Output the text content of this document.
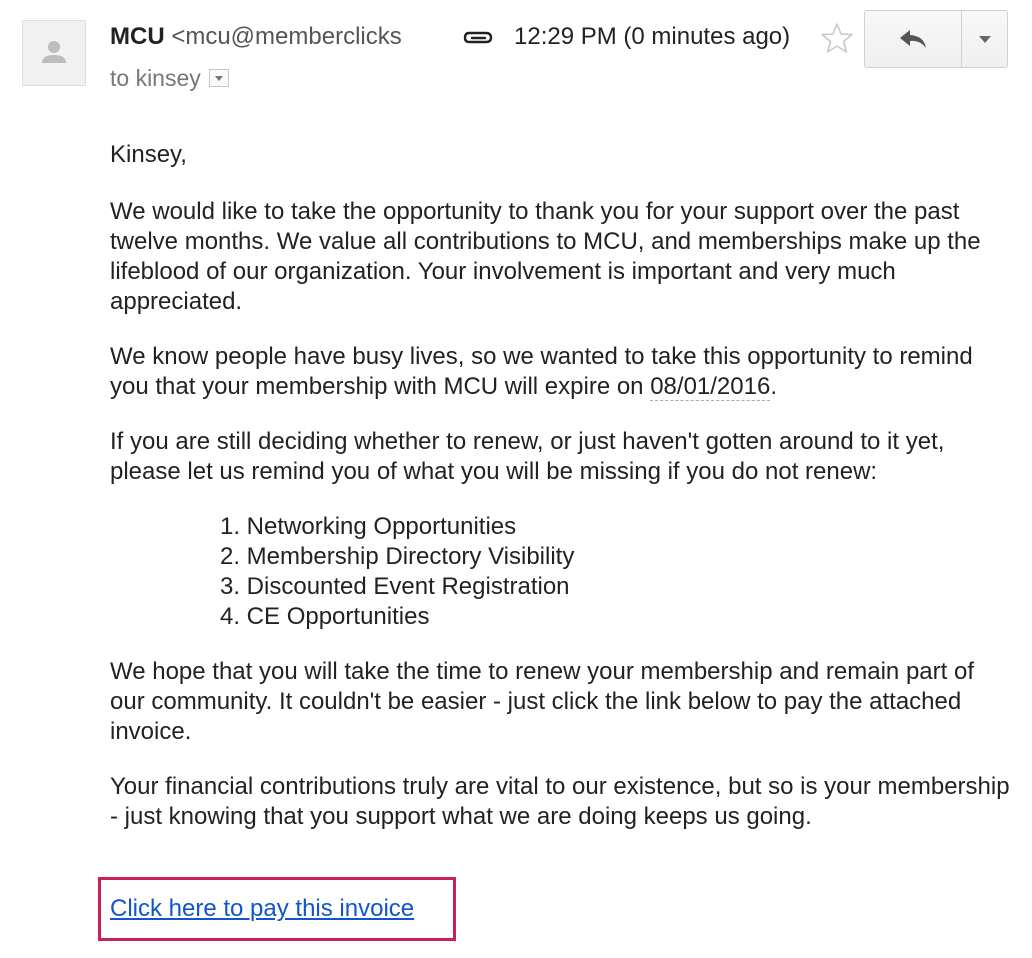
MCU <mcu@memberclicks
to kinsey
12:29 PM (0 minutes ago)

Kinsey,

We would like to take the opportunity to thank you for your support over the past twelve months. We value all contributions to MCU, and memberships make up the lifeblood of our organization. Your involvement is important and very much appreciated.

We know people have busy lives, so we wanted to take this opportunity to remind you that your membership with MCU will expire on 08/01/2016.

If you are still deciding whether to renew, or just haven't gotten around to it yet, please let us remind you of what you will be missing if you do not renew:

1. Networking Opportunities
2. Membership Directory Visibility
3. Discounted Event Registration
4. CE Opportunities

We hope that you will take the time to renew your membership and remain part of our community. It couldn't be easier - just click the link below to pay the attached invoice.

Your financial contributions truly are vital to our existence, but so is your membership - just knowing that you support what we are doing keeps us going.

Click here to pay this invoice
